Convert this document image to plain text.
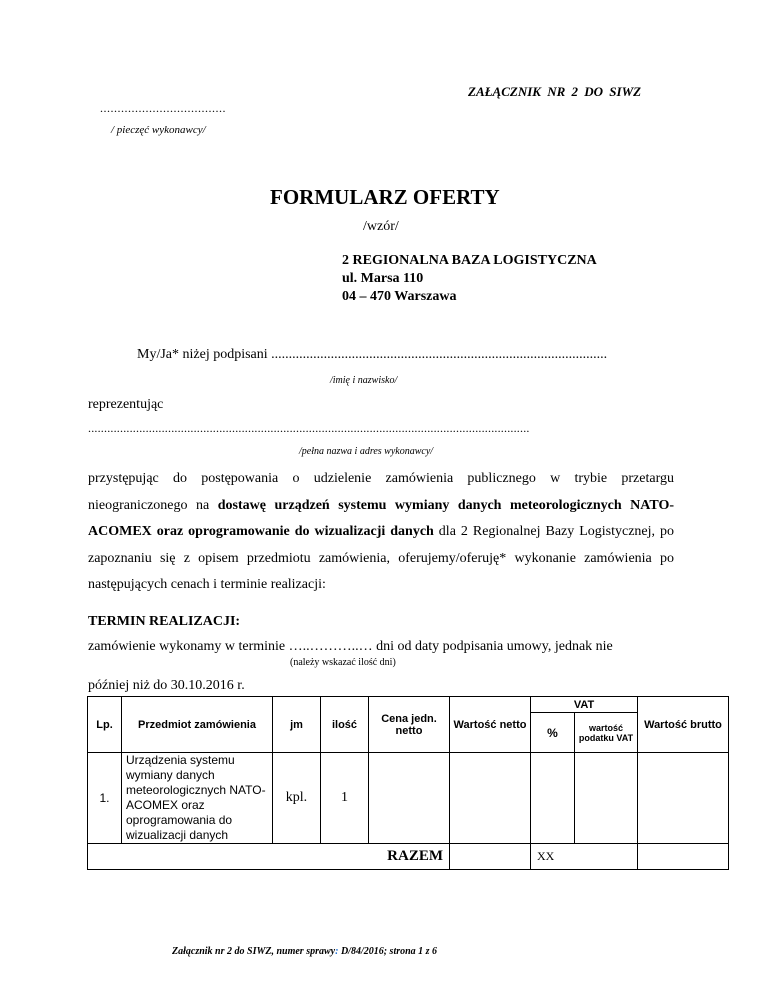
ZAŁĄCZNIK NR 2 DO SIWZ
....................................
/ pieczęć wykonawcy/
FORMULARZ OFERTY
/wzór/
2 REGIONALNA BAZA LOGISTYCZNA
ul. Marsa 110
04 – 470 Warszawa
My/Ja* niżej podpisani ................................................................................................
/imię i nazwisko/
reprezentując
..........................................................................................................................................
/pełna nazwa i adres wykonawcy/
przystępując do postępowania o udzielenie zamówienia publicznego w trybie przetargu nieograniczonego na dostawę urządzeń systemu wymiany danych meteorologicznych NATO-ACOMEX oraz oprogramowanie do wizualizacji danych dla 2 Regionalnej Bazy Logistycznej, po zapoznaniu się z opisem przedmiotu zamówienia, oferujemy/oferuję* wykonanie zamówienia po następujących cenach i terminie realizacji:
TERMIN REALIZACJI:
zamówienie wykonamy w terminie …..………..… dni od daty podpisania umowy, jednak nie
(należy wskazać ilość dni)
później niż do 30.10.2016 r.
Lp.	Przedmiot zamówienia	jm	ilość	Cena jedn. netto	Wartość netto	VAT		Wartość brutto
						%	wartość podatku VAT	
1.	Urządzenia systemu wymiany danych meteorologicznych NATO-ACOMEX oraz oprogramowania do wizualizacji danych	kpl.	1					
RAZEM						XX		
Załącznik nr 2 do SIWZ, numer sprawy: D/84/2016; strona 1 z 6
